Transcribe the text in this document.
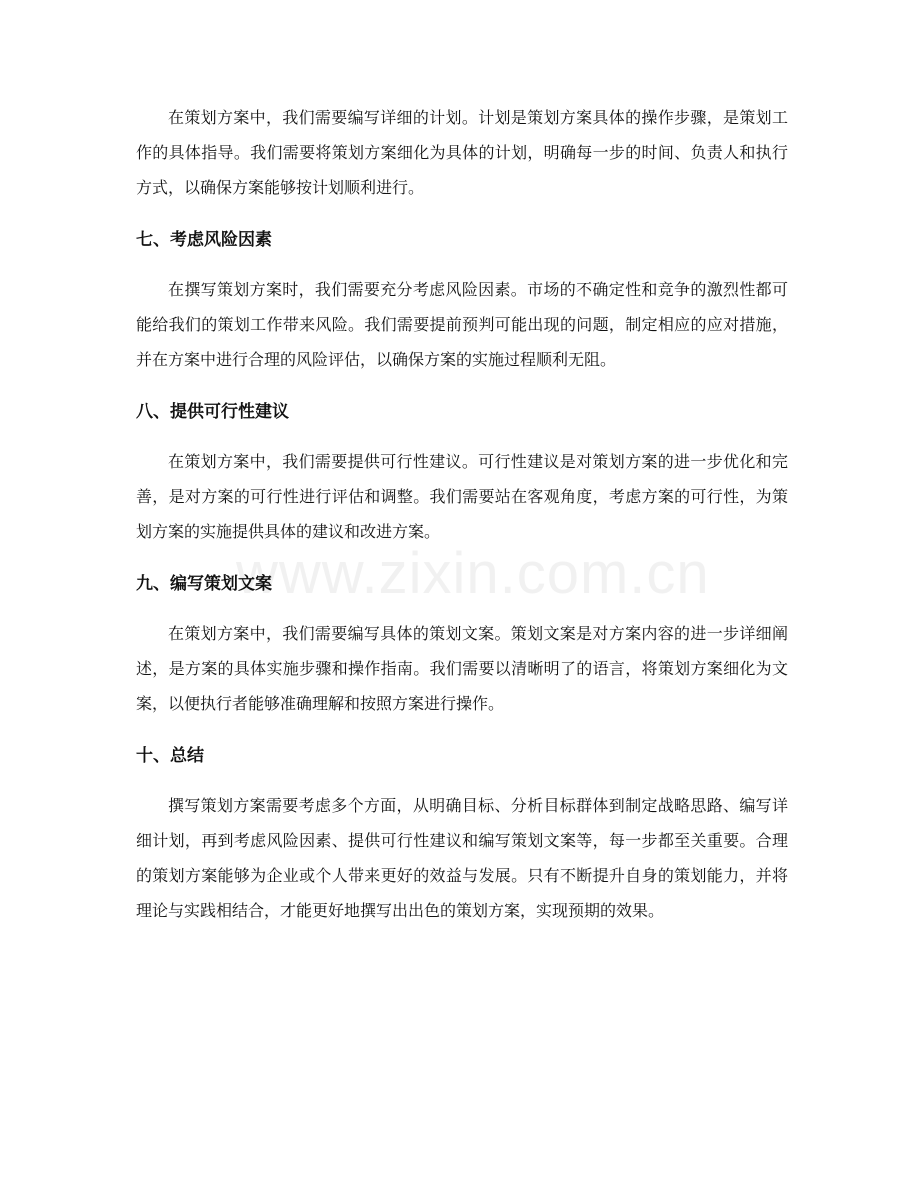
www.zixin.com.cn

在策划方案中，我们需要编写详细的计划。计划是策划方案具体的操作步骤，是策划工作的具体指导。我们需要将策划方案细化为具体的计划，明确每一步的时间、负责人和执行方式，以确保方案能够按计划顺利进行。

七、考虑风险因素

在撰写策划方案时，我们需要充分考虑风险因素。市场的不确定性和竞争的激烈性都可能给我们的策划工作带来风险。我们需要提前预判可能出现的问题，制定相应的应对措施，并在方案中进行合理的风险评估，以确保方案的实施过程顺利无阻。

八、提供可行性建议

在策划方案中，我们需要提供可行性建议。可行性建议是对策划方案的进一步优化和完善，是对方案的可行性进行评估和调整。我们需要站在客观角度，考虑方案的可行性，为策划方案的实施提供具体的建议和改进方案。

九、编写策划文案

在策划方案中，我们需要编写具体的策划文案。策划文案是对方案内容的进一步详细阐述，是方案的具体实施步骤和操作指南。我们需要以清晰明了的语言，将策划方案细化为文案，以便执行者能够准确理解和按照方案进行操作。

十、总结

撰写策划方案需要考虑多个方面，从明确目标、分析目标群体到制定战略思路、编写详细计划，再到考虑风险因素、提供可行性建议和编写策划文案等，每一步都至关重要。合理的策划方案能够为企业或个人带来更好的效益与发展。只有不断提升自身的策划能力，并将理论与实践相结合，才能更好地撰写出出色的策划方案，实现预期的效果。
